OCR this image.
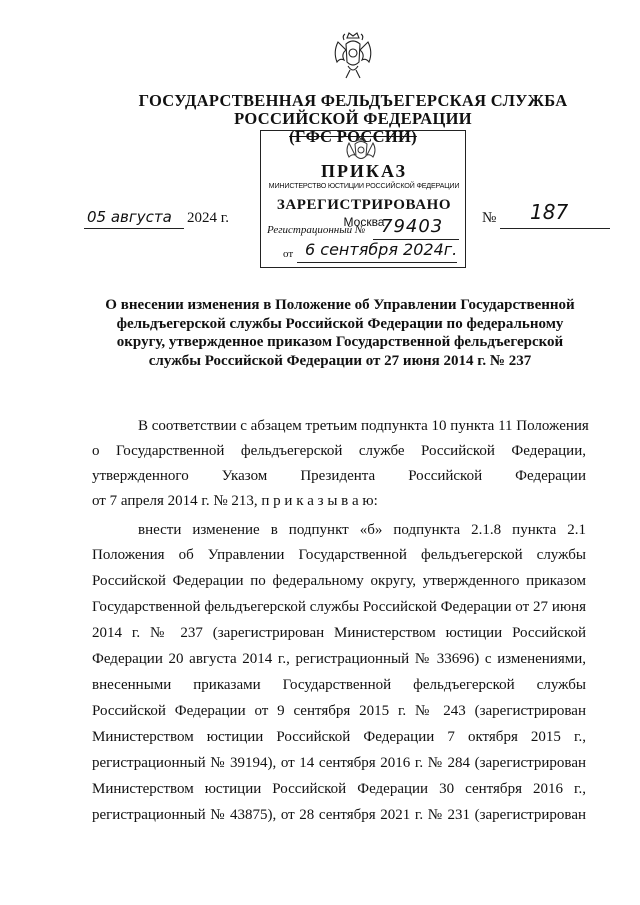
ГОСУДАРСТВЕННАЯ ФЕЛЬДЪЕГЕРСКАЯ СЛУЖБА
РОССИЙСКОЙ ФЕДЕРАЦИИ
(ГФС РОССИИ)
ПРИКАЗ
МИНИСТЕРСТВО ЮСТИЦИИ РОССИЙСКОЙ ФЕДЕРАЦИИ
ЗАРЕГИСТРИРОВАНО
Москва
Регистрационный № 79403
от 6 сентября 2024г.
05 августа 2024 г.	№ 187
О внесении изменения в Положение об Управлении Государственной
фельдъегерской службы Российской Федерации по федеральному
округу, утвержденное приказом Государственной фельдъегерской
службы Российской Федерации от 27 июня 2014 г. № 237
В соответствии с абзацем третьим подпункта 10 пункта 11 Положения
о Государственной фельдъегерской службе Российской Федерации,
утвержденного Указом Президента Российской Федерации
от 7 апреля 2014 г. № 213, п р и к а з ы в а ю:
внести изменение в подпункт «б» подпункта 2.1.8 пункта 2.1
Положения об Управлении Государственной фельдъегерской службы
Российской Федерации по федеральному округу, утвержденного приказом
Государственной фельдъегерской службы Российской Федерации от 27 июня
2014 г. № 237 (зарегистрирован Министерством юстиции Российской
Федерации 20 августа 2014 г., регистрационный № 33696) с изменениями,
внесенными приказами Государственной фельдъегерской службы
Российской Федерации от 9 сентября 2015 г. № 243 (зарегистрирован
Министерством юстиции Российской Федерации 7 октября 2015 г.,
регистрационный № 39194), от 14 сентября 2016 г. № 284 (зарегистрирован
Министерством юстиции Российской Федерации 30 сентября 2016 г.,
регистрационный № 43875), от 28 сентября 2021 г. № 231 (зарегистрирован
